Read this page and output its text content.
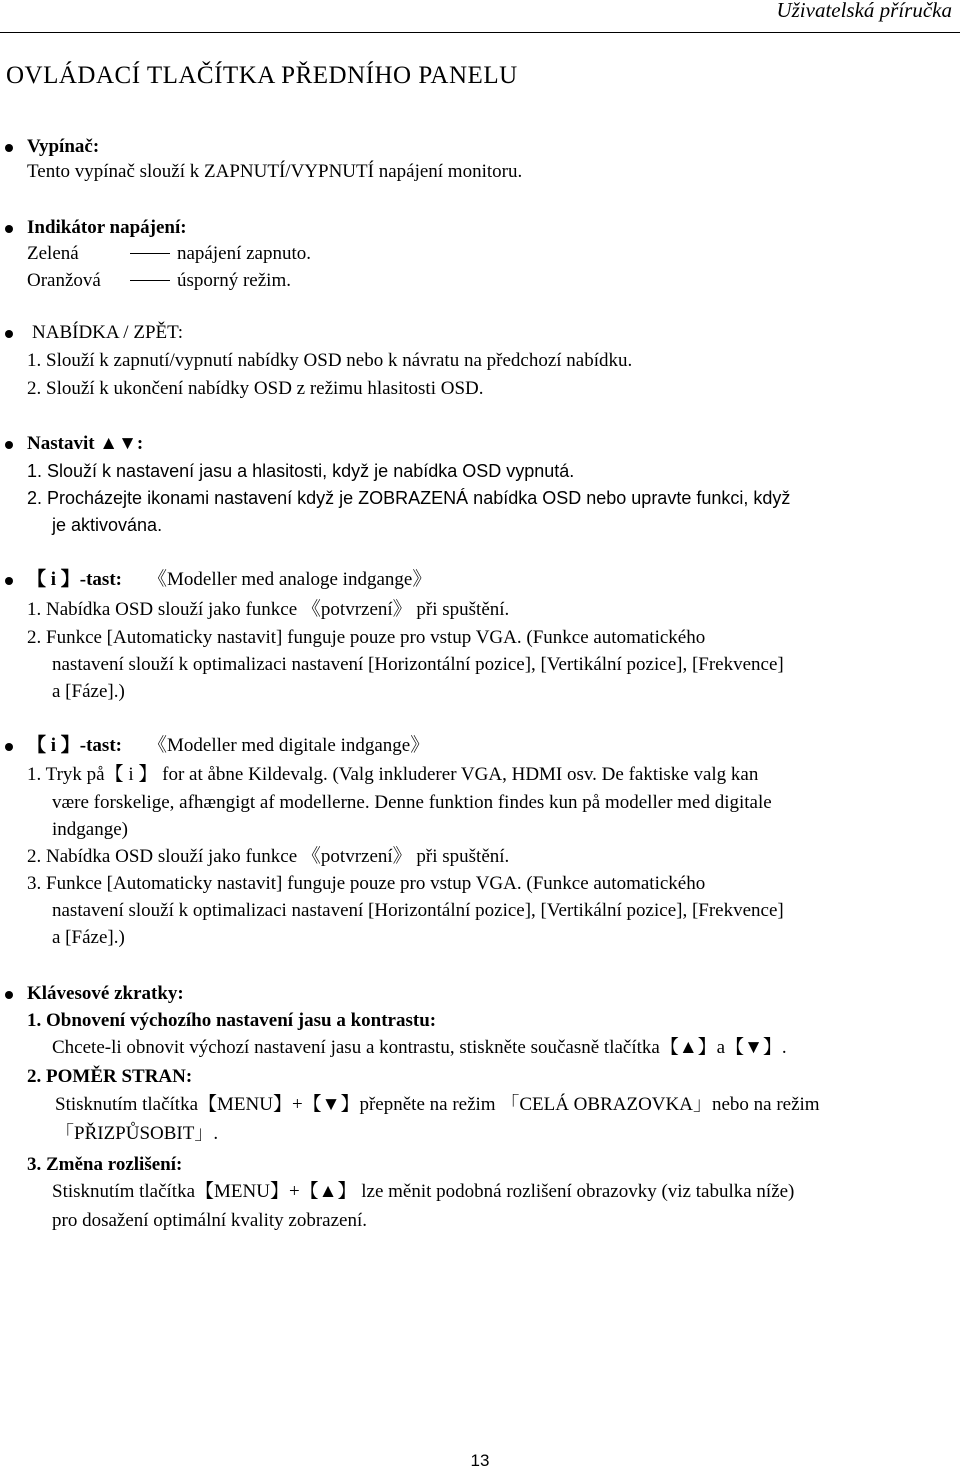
Uživatelská příručka
OVLÁDACÍ TLAČÍTKA PŘEDNÍHO PANELU
Vypínač:
Tento vypínač slouží k ZAPNUTÍ/VYPNUTÍ napájení monitoru.
Indikátor napájení:
Zelená	napájení zapnuto.
Oranžová	úsporný režim.
NABÍDKA / ZPĚT:
1. Slouží k zapnutí/vypnutí nabídky OSD nebo k návratu na předchozí nabídku.
2. Slouží k ukončení nabídky OSD z režimu hlasitosti OSD.
Nastavit ▲▼:
1. Slouží k nastavení jasu a hlasitosti, když je nabídka OSD vypnutá.
2. Procházejte ikonami nastavení když je ZOBRAZENÁ nabídka OSD nebo upravte funkci, když
je aktivována.
【 i 】-tast: 《Modeller med analoge indgange》
1. Nabídka OSD slouží jako funkce 《potvrzení》 při spuštění.
2. Funkce [Automaticky nastavit] funguje pouze pro vstup VGA. (Funkce automatického
nastavení slouží k optimalizaci nastavení [Horizontální pozice], [Vertikální pozice], [Frekvence]
a [Fáze].)
【 i 】-tast: 《Modeller med digitale indgange》
1. Tryk på【 i 】 for at åbne Kildevalg. (Valg inkluderer VGA, HDMI osv. De faktiske valg kan
være forskelige, afhængigt af modellerne. Denne funktion findes kun på modeller med digitale
indgange)
2. Nabídka OSD slouží jako funkce 《potvrzení》 při spuštění.
3. Funkce [Automaticky nastavit] funguje pouze pro vstup VGA. (Funkce automatického
nastavení slouží k optimalizaci nastavení [Horizontální pozice], [Vertikální pozice], [Frekvence]
a [Fáze].)
Klávesové zkratky:
1. Obnovení výchozího nastavení jasu a kontrastu:
Chcete-li obnovit výchozí nastavení jasu a kontrastu, stiskněte současně tlačítka【▲】a【▼】.
2. POMĚR STRAN:
Stisknutím tlačítka【MENU】+【▼】přepněte na režim 「CELÁ OBRAZOVKA」nebo na režim
「PŘIZPŮSOBIT」.
3. Změna rozlišení:
Stisknutím tlačítka【MENU】+【▲】 lze měnit podobná rozlišení obrazovky (viz tabulka níže)
pro dosažení optimální kvality zobrazení.
13
